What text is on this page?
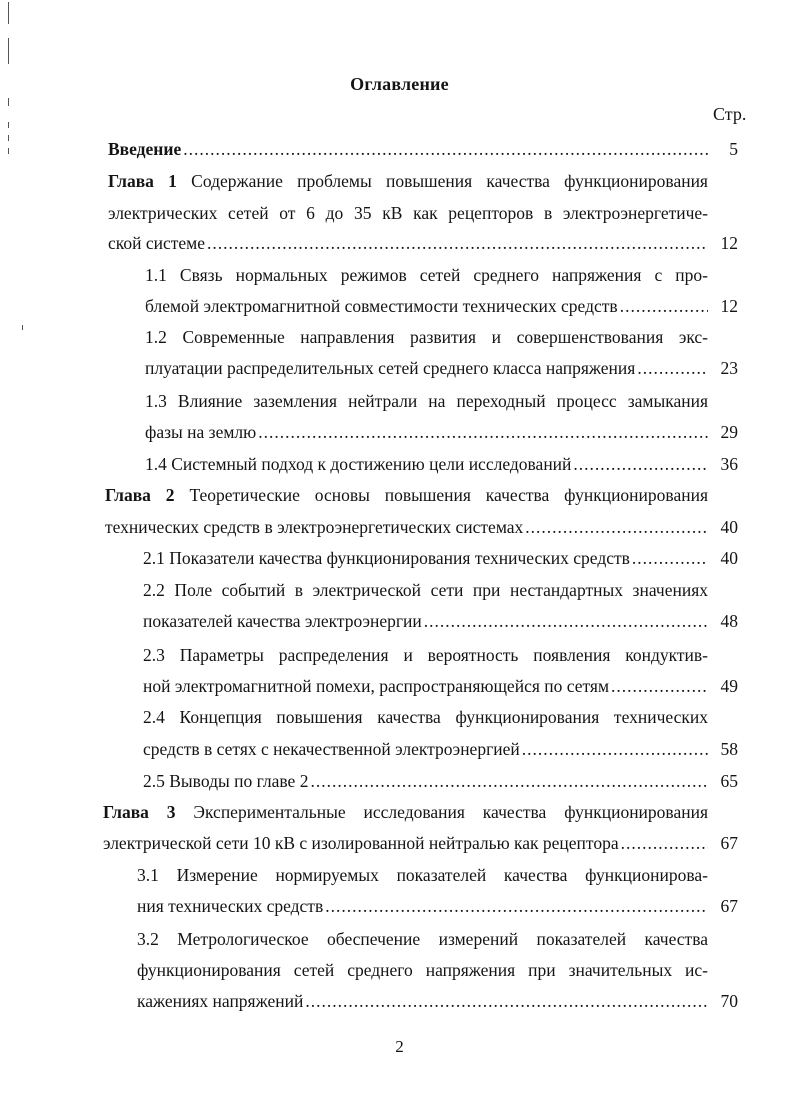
Оглавление
Стр.
Введение .....	5
Глава 1 Содержание проблемы повышения качества функционирования
электрических сетей от 6 до 35 кВ как рецепторов в электроэнергетиче-
ской системе .....	12
1.1 Связь нормальных режимов сетей среднего напряжения с про-
блемой электромагнитной совместимости технических средств .....	12
1.2 Современные направления развития и совершенствования экс-
плуатации распределительных сетей среднего класса напряжения .....	23
1.3 Влияние заземления нейтрали на переходный процесс замыкания
фазы на землю .....	29
1.4 Системный подход к достижению цели исследований .....	36
Глава 2 Теоретические основы повышения качества функционирования
технических средств в электроэнергетических системах .....	40
2.1 Показатели качества функционирования технических средств .....	40
2.2 Поле событий в электрической сети при нестандартных значениях
показателей качества электроэнергии .....	48
2.3 Параметры распределения и вероятность появления кондуктив-
ной электромагнитной помехи, распространяющейся по сетям .....	49
2.4 Концепция повышения качества функционирования технических
средств в сетях с некачественной электроэнергией .....	58
2.5 Выводы по главе 2 .....	65
Глава 3 Экспериментальные исследования качества функционирования
электрической сети 10 кВ с изолированной нейтралью как рецептора .....	67
3.1 Измерение нормируемых показателей качества функционирова-
ния технических средств .....	67
3.2 Метрологическое обеспечение измерений показателей качества
функционирования сетей среднего напряжения при значительных ис-
кажениях напряжений .....	70
2
